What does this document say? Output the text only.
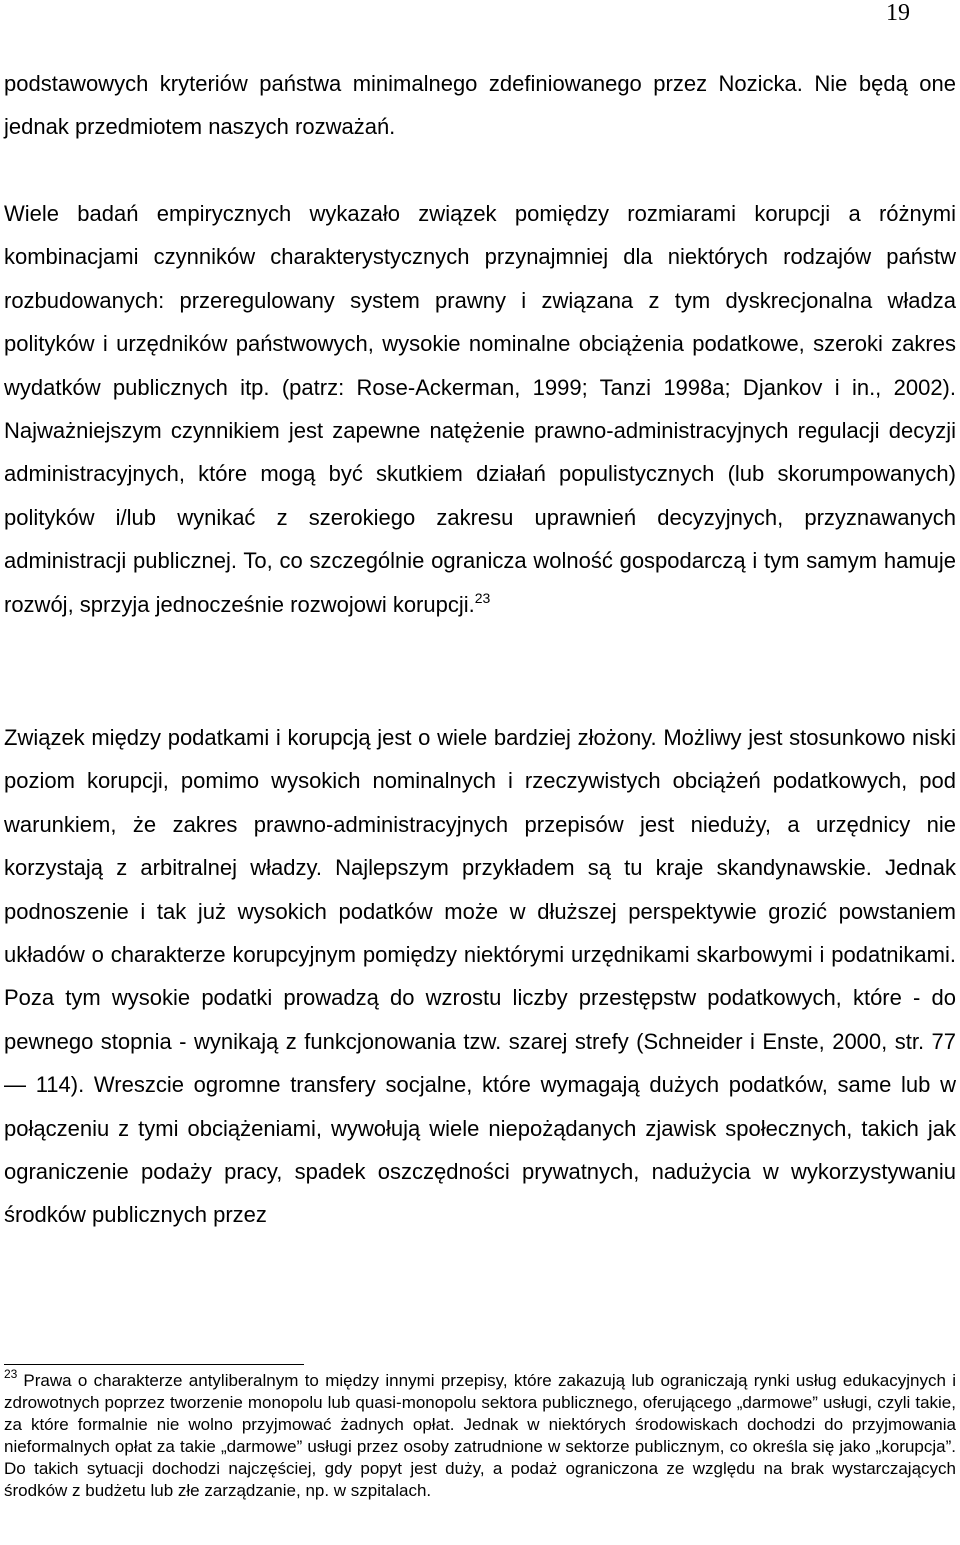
19

podstawowych kryteriów państwa minimalnego zdefiniowanego przez Nozicka. Nie będą one jednak przedmiotem naszych rozważań.

Wiele badań empirycznych wykazało związek pomiędzy rozmiarami korupcji a różnymi kombinacjami czynników charakterystycznych przynajmniej dla niektórych rodzajów państw rozbudowanych: przeregulowany system prawny i związana z tym dyskrecjonalna władza polityków i urzędników państwowych, wysokie nominalne obciążenia podatkowe, szeroki zakres wydatków publicznych itp. (patrz: Rose-Ackerman, 1999; Tanzi 1998a; Djankov i in., 2002). Najważniejszym czynnikiem jest zapewne natężenie prawno-administracyjnych regulacji decyzji administracyjnych, które mogą być skutkiem działań populistycznych (lub skorumpowanych) polityków i/lub wynikać z szerokiego zakresu uprawnień decyzyjnych, przyznawanych administracji publicznej. To, co szczególnie ogranicza wolność gospodarczą i tym samym hamuje rozwój, sprzyja jednocześnie rozwojowi korupcji.$^{23}$

Związek między podatkami i korupcją jest o wiele bardziej złożony. Możliwy jest stosunkowo niski poziom korupcji, pomimo wysokich nominalnych i rzeczywistych obciążeń podatkowych, pod warunkiem, że zakres prawno-administracyjnych przepisów jest nieduży, a urzędnicy nie korzystają z arbitralnej władzy. Najlepszym przykładem są tu kraje skandynawskie. Jednak podnoszenie i tak już wysokich podatków może w dłuższej perspektywie grozić powstaniem układów o charakterze korupcyjnym pomiędzy niektórymi urzędnikami skarbowymi i podatnikami. Poza tym wysokie podatki prowadzą do wzrostu liczby przestępstw podatkowych, które - do pewnego stopnia - wynikają z funkcjonowania tzw. szarej strefy (Schneider i Enste, 2000, str. 77 — 114). Wreszcie ogromne transfery socjalne, które wymagają dużych podatków, same lub w połączeniu z tymi obciążeniami, wywołują wiele niepożądanych zjawisk społecznych, takich jak ograniczenie podaży pracy, spadek oszczędności prywatnych, nadużycia w wykorzystywaniu środków publicznych przez

$^{23}$ Prawa o charakterze antyliberalnym to między innymi przepisy, które zakazują lub ograniczają rynki usług edukacyjnych i zdrowotnych poprzez tworzenie monopolu lub quasi-monopolu sektora publicznego, oferującego „darmowe” usługi, czyli takie, za które formalnie nie wolno przyjmować żadnych opłat. Jednak w niektórych środowiskach dochodzi do przyjmowania nieformalnych opłat za takie „darmowe” usługi przez osoby zatrudnione w sektorze publicznym, co określa się jako „korupcja”. Do takich sytuacji dochodzi najczęściej, gdy popyt jest duży, a podaż ograniczona ze względu na brak wystarczających środków z budżetu lub złe zarządzanie, np. w szpitalach.
